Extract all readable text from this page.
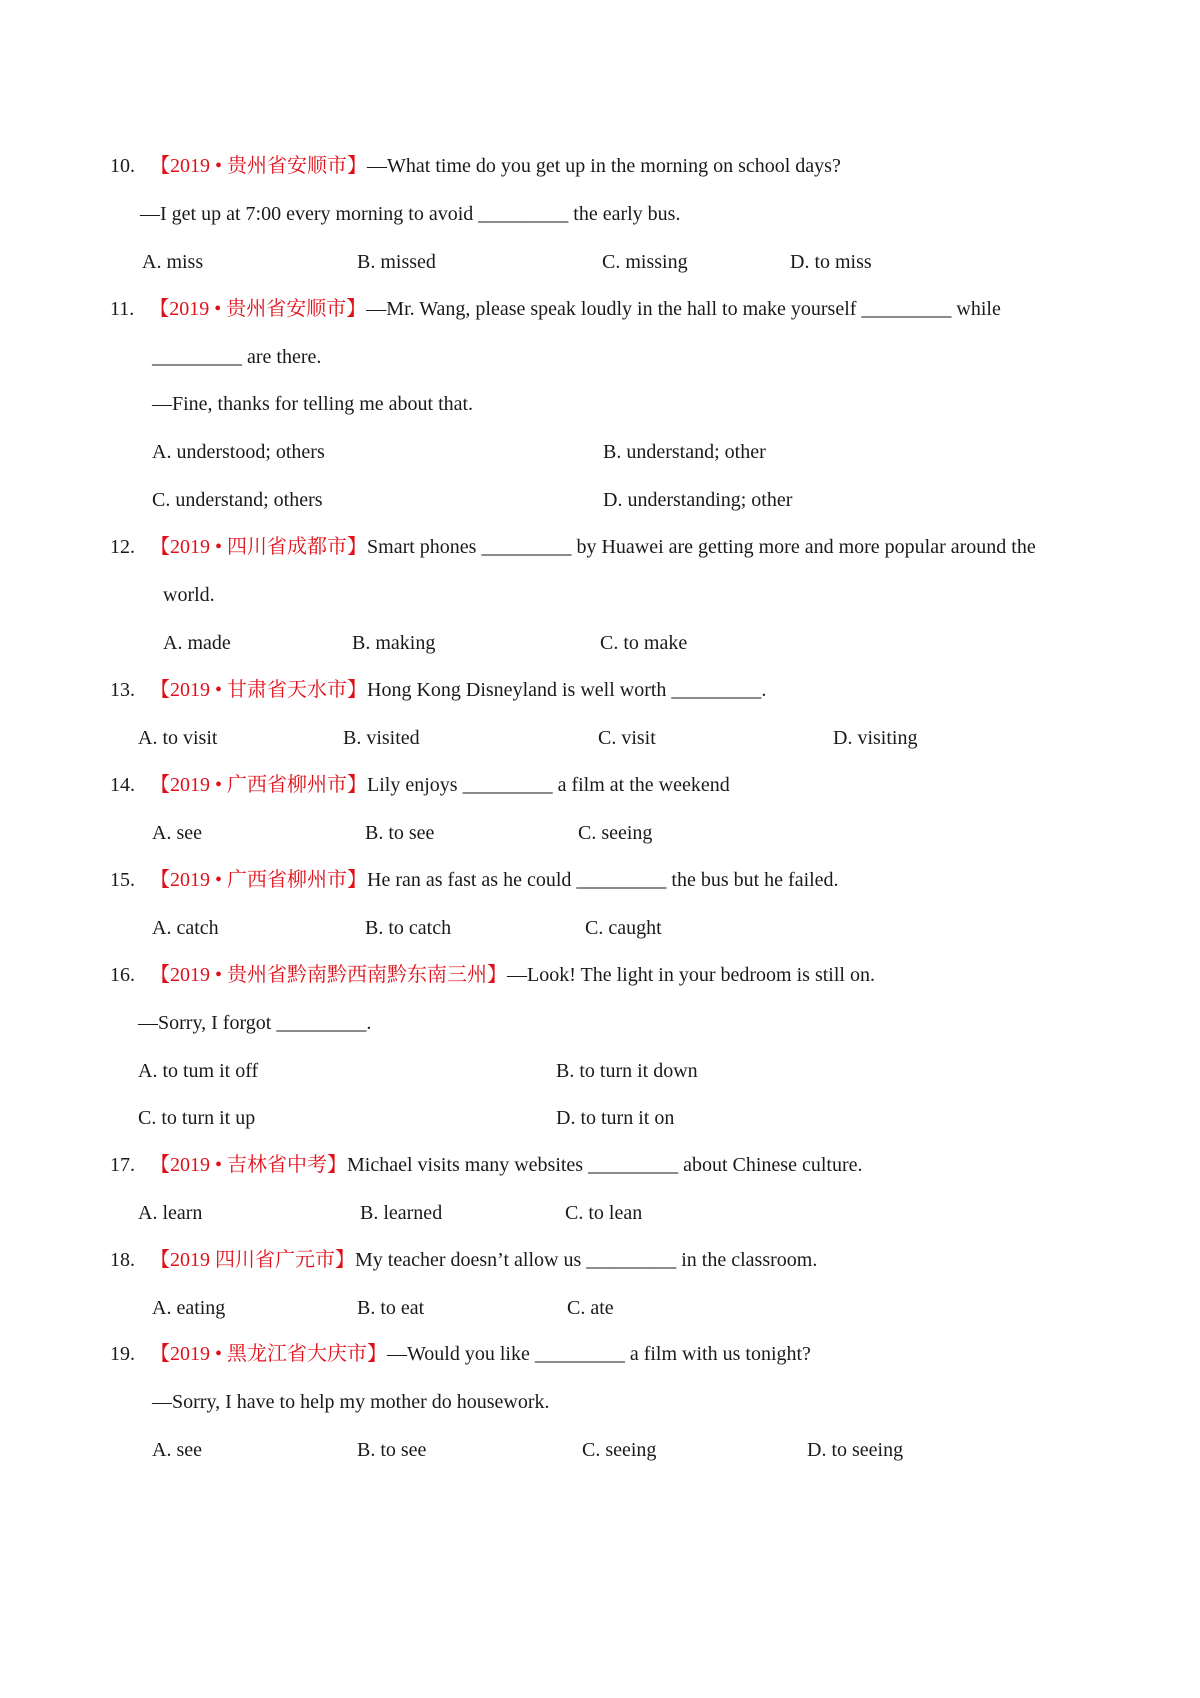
10. 【2019 • 贵州省安顺市】—What time do you get up in the morning on school days?
—I get up at 7:00 every morning to avoid _________ the early bus.
A. miss	B. missed	C. missing	D. to miss
11. 【2019 • 贵州省安顺市】—Mr. Wang, please speak loudly in the hall to make yourself _________ while
_________ are there.
—Fine, thanks for telling me about that.
A. understood; others	B. understand; other
C. understand; others	D. understanding; other
12. 【2019 • 四川省成都市】Smart phones _________ by Huawei are getting more and more popular around the
world.
A. made	B. making	C. to make
13. 【2019 • 甘肃省天水市】Hong Kong Disneyland is well worth _________.
A. to visit	B. visited	C. visit	D. visiting
14. 【2019 • 广西省柳州市】Lily enjoys _________ a film at the weekend
A. see	B. to see	C. seeing
15. 【2019 • 广西省柳州市】He ran as fast as he could _________ the bus but he failed.
A. catch	B. to catch	C. caught
16. 【2019 • 贵州省黔南黔西南黔东南三州】—Look! The light in your bedroom is still on.
—Sorry, I forgot _________.
A. to tum it off	B. to turn it down
C. to turn it up	D. to turn it on
17. 【2019 • 吉林省中考】Michael visits many websites _________ about Chinese culture.
A. learn	B. learned	C. to lean
18. 【2019 四川省广元市】My teacher doesn’t allow us _________ in the classroom.
A. eating	B. to eat	C. ate
19. 【2019 • 黑龙江省大庆市】—Would you like _________ a film with us tonight?
—Sorry, I have to help my mother do housework.
A. see	B. to see	C. seeing	D. to seeing
